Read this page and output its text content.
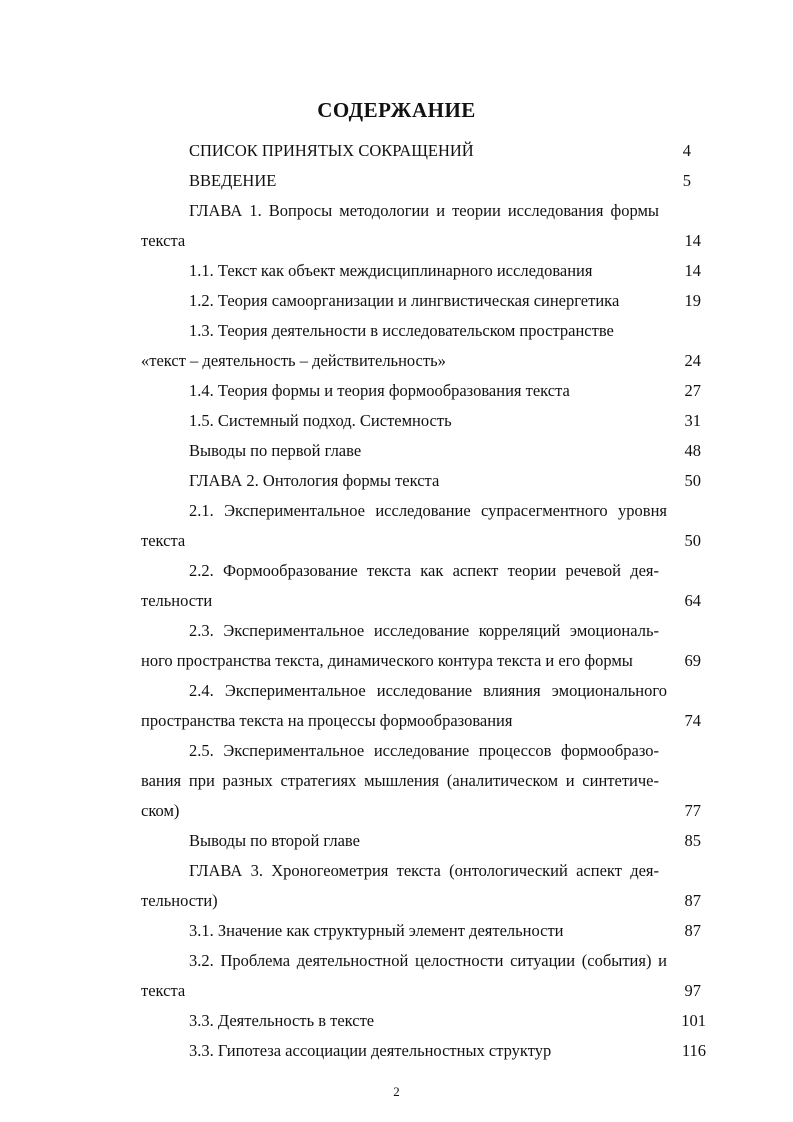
СОДЕРЖАНИЕ
СПИСОК ПРИНЯТЫХ СОКРАЩЕНИЙ	4
ВВЕДЕНИЕ	5
ГЛАВА 1. Вопросы методологии и теории исследования формы
текста	14
1.1. Текст как объект междисциплинарного исследования	14
1.2. Теория самоорганизации и лингвистическая синергетика	19
1.3. Теория деятельности в исследовательском пространстве
«текст – деятельность – действительность»	24
1.4. Теория формы и теория формообразования текста	27
1.5. Системный подход. Системность	31
Выводы по первой главе	48
ГЛАВА 2. Онтология формы текста	50
2.1. Экспериментальное исследование супрасегментного уровня
текста	50
2.2. Формообразование текста как аспект теории речевой дея-
тельности	64
2.3. Экспериментальное исследование корреляций эмоциональ-
ного пространства текста, динамического контура текста и его формы	69
2.4. Экспериментальное исследование влияния эмоционального
пространства текста на процессы формообразования	74
2.5. Экспериментальное исследование процессов формообразо-
вания при разных стратегиях мышления (аналитическом и синтетиче-
ском)	77
Выводы по второй главе	85
ГЛАВА 3. Хроногеометрия текста (онтологический аспект дея-
тельности)	87
3.1. Значение как структурный элемент деятельности	87
3.2. Проблема деятельностной целостности ситуации (события) и
текста	97
3.3. Деятельность в тексте	101
3.3. Гипотеза ассоциации деятельностных структур	116
2
